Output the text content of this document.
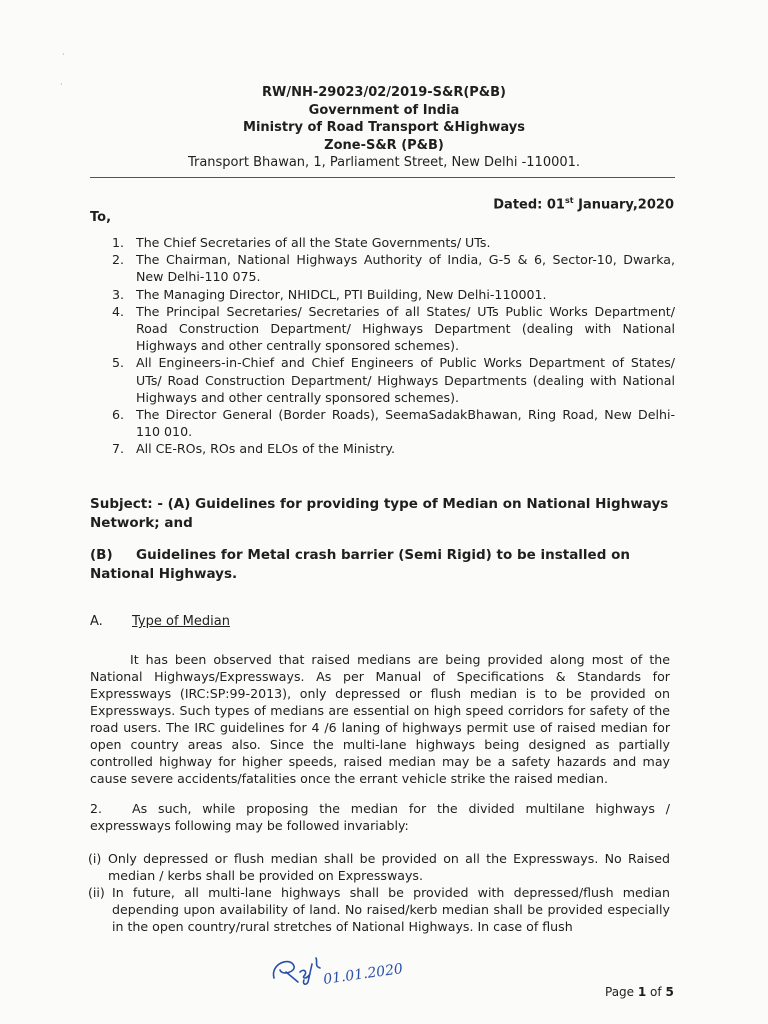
·
·
RW/NH-29023/02/2019-S&R(P&B)
Government of India
Ministry of Road Transport &Highways
Zone-S&R (P&B)
Transport Bhawan, 1, Parliament Street, New Delhi -110001.
Dated: 01st January,2020
To,
1. The Chief Secretaries of all the State Governments/ UTs.
2. The Chairman, National Highways Authority of India, G-5 & 6, Sector-10, Dwarka, New Delhi-110 075.
3. The Managing Director, NHIDCL, PTI Building, New Delhi-110001.
4. The Principal Secretaries/ Secretaries of all States/ UTs Public Works Department/ Road Construction Department/ Highways Department (dealing with National Highways and other centrally sponsored schemes).
5. All Engineers-in-Chief and Chief Engineers of Public Works Department of States/ UTs/ Road Construction Department/ Highways Departments (dealing with National Highways and other centrally sponsored schemes).
6. The Director General (Border Roads), SeemaSadakBhawan, Ring Road, New Delhi-110 010.
7. All CE-ROs, ROs and ELOs of the Ministry.

Subject: - (A) Guidelines for providing type of Median on National Highways Network; and

(B) Guidelines for Metal crash barrier (Semi Rigid) to be installed on National Highways.

A. Type of Median

It has been observed that raised medians are being provided along most of the National Highways/Expressways. As per Manual of Specifications & Standards for Expressways (IRC:SP:99-2013), only depressed or flush median is to be provided on Expressways. Such types of medians are essential on high speed corridors for safety of the road users. The IRC guidelines for 4 /6 laning of highways permit use of raised median for open country areas also. Since the multi-lane highways being designed as partially controlled highway for higher speeds, raised median may be a safety hazards and may cause severe accidents/fatalities once the errant vehicle strike the raised median.

2. As such, while proposing the median for the divided multilane highways / expressways following may be followed invariably:

(i) Only depressed or flush median shall be provided on all the Expressways. No Raised median / kerbs shall be provided on Expressways.
(ii) In future, all multi-lane highways shall be provided with depressed/flush median depending upon availability of land. No raised/kerb median shall be provided especially in the open country/rural stretches of National Highways. In case of flush
01.01.2020
Page 1 of 5
